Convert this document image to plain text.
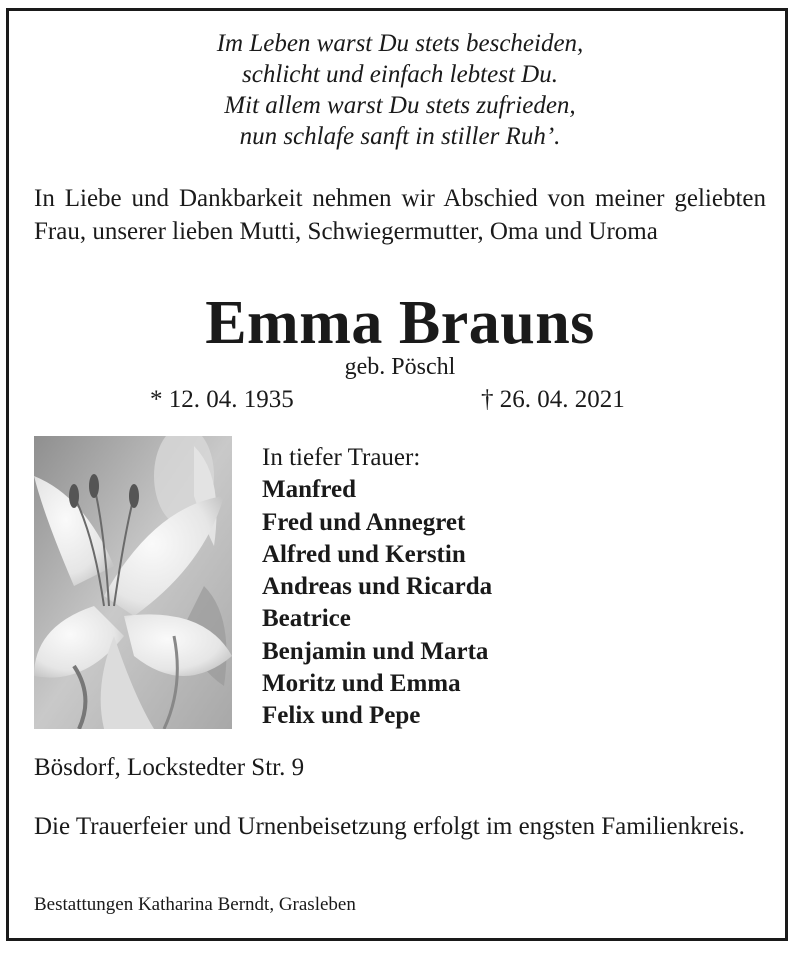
Im Leben warst Du stets bescheiden,
schlicht und einfach lebtest Du.
Mit allem warst Du stets zufrieden,
nun schlafe sanft in stiller Ruh’.
In Liebe und Dankbarkeit nehmen wir Abschied von meiner geliebten Frau, unserer lieben Mutti, Schwiegermutter, Oma und Uroma
Emma Brauns
geb. Pöschl
* 12. 04. 1935	† 26. 04. 2021
In tiefer Trauer:
Manfred
Fred und Annegret
Alfred und Kerstin
Andreas und Ricarda
Beatrice
Benjamin und Marta
Moritz und Emma
Felix und Pepe
Bösdorf, Lockstedter Str. 9
Die Trauerfeier und Urnenbeisetzung erfolgt im engsten Familienkreis.
Bestattungen Katharina Berndt, Grasleben
